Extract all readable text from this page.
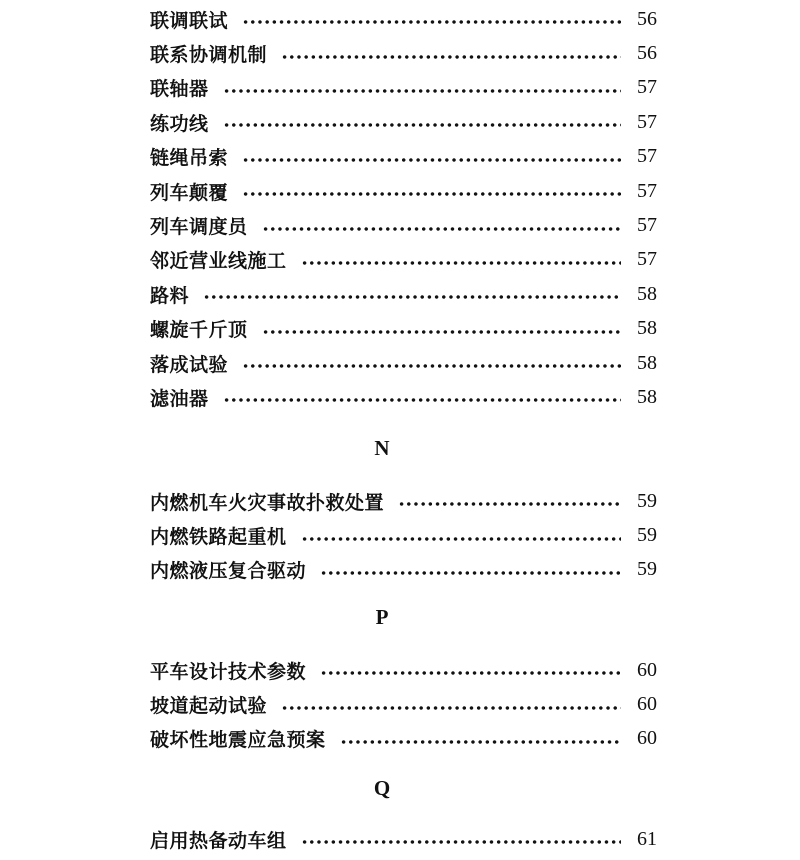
联调联试	56
联系协调机制	56
联轴器	57
练功线	57
链绳吊索	57
列车颠覆	57
列车调度员	57
邻近营业线施工	57
路料	58
螺旋千斤顶	58
落成试验	58
滤油器	58
N
内燃机车火灾事故扑救处置	59
内燃铁路起重机	59
内燃液压复合驱动	59
P
平车设计技术参数	60
坡道起动试验	60
破坏性地震应急预案	60
Q
启用热备动车组	61
